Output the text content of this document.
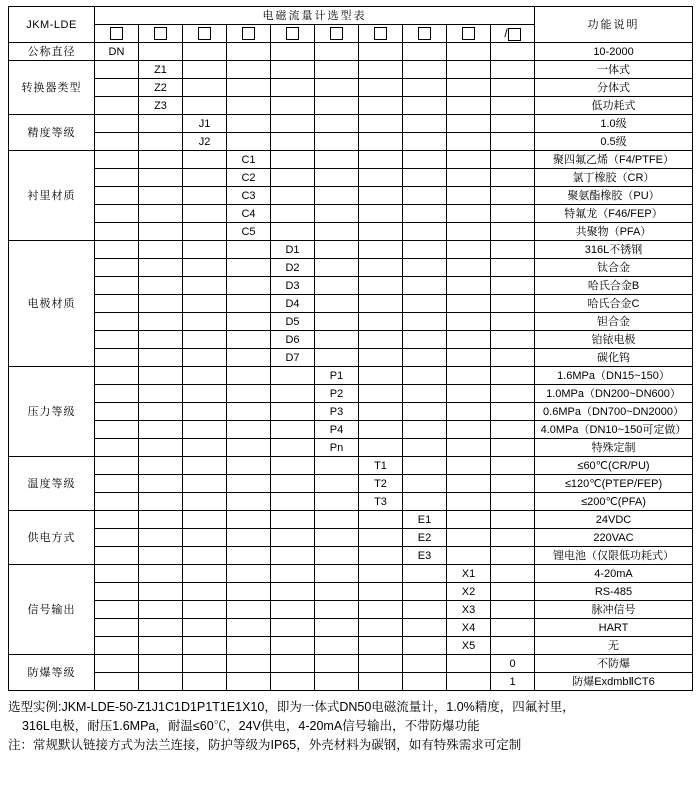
JKM-LDE	电磁流量计选型表										功能说明
										/	
公称直径	DN										10-2000
转换器类型		Z1									一体式
		Z2									分体式
		Z3									低功耗式
精度等级			J1								1.0级
			J2								0.5级
衬里材质				C1							聚四氟乙烯（F4/PTFE）
				C2							氯丁橡胶（CR）
				C3							聚氨酯橡胶（PU）
				C4							特氟龙（F46/FEP）
				C5							共聚物（PFA）
电极材质					D1						316L不锈钢
					D2						钛合金
					D3						哈氏合金B
					D4						哈氏合金C
					D5						钽合金
					D6						铂铱电极
					D7						碳化钨
压力等级						P1					1.6MPa（DN15~150）
						P2					1.0MPa（DN200~DN600）
						P3					0.6MPa（DN700~DN2000）
						P4					4.0MPa（DN10~150可定做）
						Pn					特殊定制
温度等级							T1				≤60℃(CR/PU)
							T2				≤120℃(PTEP/FEP)
							T3				≤200℃(PFA)
供电方式								E1			24VDC
								E2			220VAC
								E3			锂电池（仅限低功耗式）
信号输出									X1		4-20mA
									X2		RS-485
									X3		脉冲信号
									X4		HART
									X5		无
防爆等级										0	不防爆
										1	防爆ExdmbⅡCT6
选型实例:JKM-LDE-50-Z1J1C1D1P1T1E1X10，即为一体式DN50电磁流量计，1.0%精度，四氟衬里，
316L电极，耐压1.6MPa，耐温≤60℃，24V供电，4-20mA信号输出，不带防爆功能
注：常规默认链接方式为法兰连接，防护等级为IP65，外壳材料为碳钢，如有特殊需求可定制
